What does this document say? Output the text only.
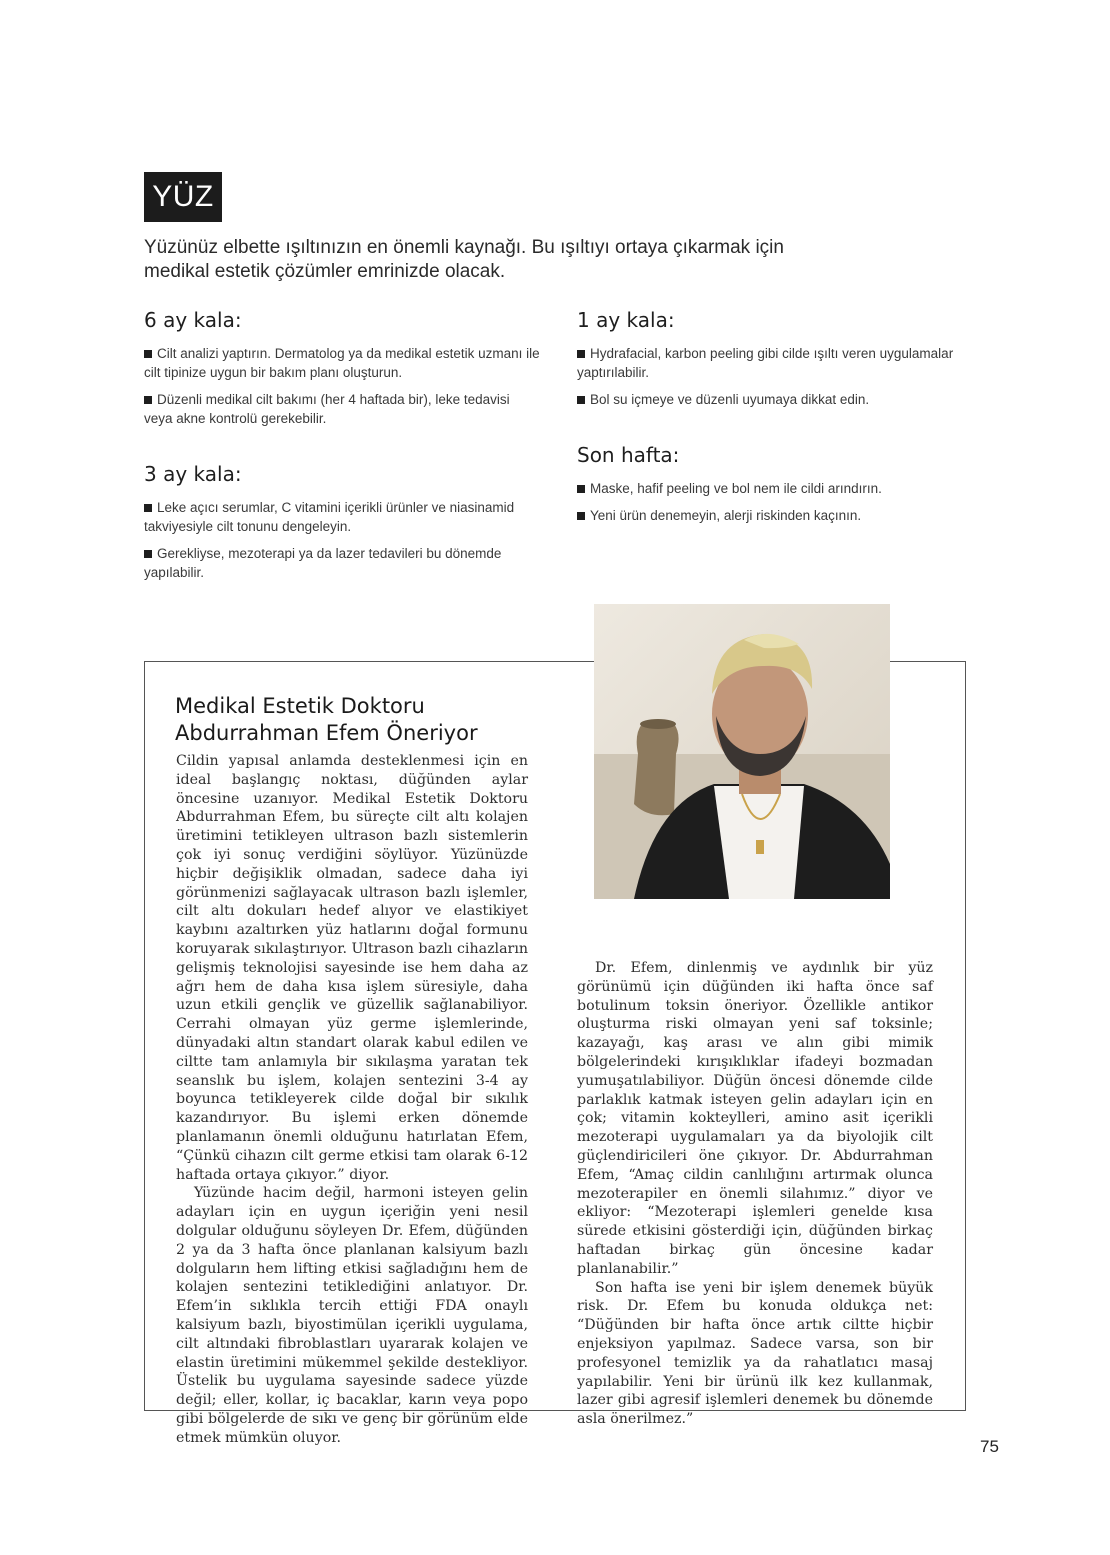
YÜZ

Yüzünüz elbette ışıltınızın en önemli kaynağı. Bu ışıltıyı ortaya çıkarmak için medikal estetik çözümler emrinizde olacak.

6 ay kala:

Cilt analizi yaptırın. Dermatolog ya da medikal estetik uzmanı ile cilt tipinize uygun bir bakım planı oluşturun.

Düzenli medikal cilt bakımı (her 4 haftada bir), leke tedavisi veya akne kontrolü gerekebilir.

3 ay kala:

Leke açıcı serumlar, C vitamini içerikli ürünler ve niasinamid takviyesiyle cilt tonunu dengeleyin.

Gerekliyse, mezoterapi ya da lazer tedavileri bu dönemde yapılabilir.

1 ay kala:

Hydrafacial, karbon peeling gibi cilde ışıltı veren uygulamalar yaptırılabilir.

Bol su içmeye ve düzenli uyumaya dikkat edin.

Son hafta:

Maske, hafif peeling ve bol nem ile cildi arındırın.

Yeni ürün denemeyin, alerji riskinden kaçının.

Medikal Estetik Doktoru
Abdurrahman Efem Öneriyor

Cildin yapısal anlamda desteklenmesi için en ideal başlangıç noktası, düğünden aylar öncesine uzanıyor. Medikal Estetik Doktoru Abdurrahman Efem, bu süreçte cilt altı kolajen üretimini tetikleyen ultrason bazlı sistemlerin çok iyi sonuç verdiğini söylüyor. Yüzünüzde hiçbir değişiklik olmadan, sadece daha iyi görünmenizi sağlayacak ultrason bazlı işlemler, cilt altı dokuları hedef alıyor ve elastikiyet kaybını azaltırken yüz hatlarını doğal formunu koruyarak sıkılaştırıyor. Ultrason bazlı cihazların gelişmiş teknolojisi sayesinde ise hem daha az ağrı hem de daha kısa işlem süresiyle, daha uzun etkili gençlik ve güzellik sağlanabiliyor. Cerrahi olmayan yüz germe işlemlerinde, dünyadaki altın standart olarak kabul edilen ve ciltte tam anlamıyla bir sıkılaşma yaratan tek seanslık bu işlem, kolajen sentezini 3-4 ay boyunca tetikleyerek cilde doğal bir sıkılık kazandırıyor. Bu işlemi erken dönemde planlamanın önemli olduğunu hatırlatan Efem, “Çünkü cihazın cilt germe etkisi tam olarak 6-12 haftada ortaya çıkıyor.” diyor.

Yüzünde hacim değil, harmoni isteyen gelin adayları için en uygun içeriğin yeni nesil dolgular olduğunu söyleyen Dr. Efem, düğünden 2 ya da 3 hafta önce planlanan kalsiyum bazlı dolguların hem lifting etkisi sağladığını hem de kolajen sentezini tetiklediğini anlatıyor. Dr. Efem’in sıklıkla tercih ettiği FDA onaylı kalsiyum bazlı, biyostimülan içerikli uygulama, cilt altındaki fibroblastları uyararak kolajen ve elastin üretimini mükemmel şekilde destekliyor. Üstelik bu uygulama sayesinde sadece yüzde değil; eller, kollar, iç bacaklar, karın veya popo gibi bölgelerde de sıkı ve genç bir görünüm elde etmek mümkün oluyor.

Dr. Efem, dinlenmiş ve aydınlık bir yüz görünümü için düğünden iki hafta önce saf botulinum toksin öneriyor. Özellikle antikor oluşturma riski olmayan yeni saf toksinle; kazayağı, kaş arası ve alın gibi mimik bölgelerindeki kırışıklıklar ifadeyi bozmadan yumuşatılabiliyor. Düğün öncesi dönemde cilde parlaklık katmak isteyen gelin adayları için en çok; vitamin kokteylleri, amino asit içerikli mezoterapi uygulamaları ya da biyolojik cilt güçlendiricileri öne çıkıyor. Dr. Abdurrahman Efem, “Amaç cildin canlılığını artırmak olunca mezoterapiler en önemli silahımız.” diyor ve ekliyor: “Mezoterapi işlemleri genelde kısa sürede etkisini gösterdiği için, düğünden birkaç haftadan birkaç gün öncesine kadar planlanabilir.”

Son hafta ise yeni bir işlem denemek büyük risk. Dr. Efem bu konuda oldukça net: “Düğünden bir hafta önce artık ciltte hiçbir enjeksiyon yapılmaz. Sadece varsa, son bir profesyonel temizlik ya da rahatlatıcı masaj yapılabilir. Yeni bir ürünü ilk kez kullanmak, lazer gibi agresif işlemleri denemek bu dönemde asla önerilmez.”

75
